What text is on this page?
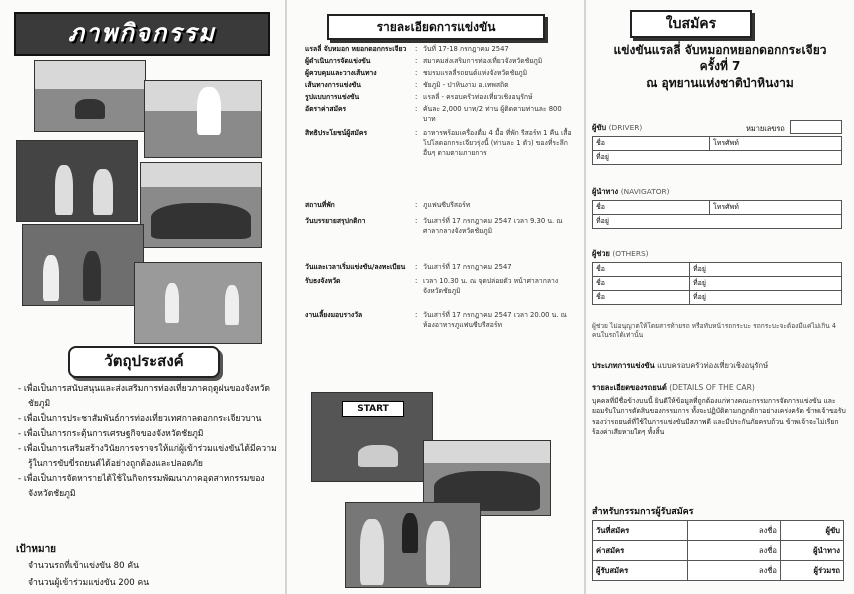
ภาพกิจกรรม
วัตถุประสงค์
- เพื่อเป็นการสนับสนุนและส่งเสริมการท่องเที่ยวภาคฤดูฝนของจังหวัดชัยภูมิ
- เพื่อเป็นการประชาสัมพันธ์การท่องเที่ยวเทศกาลดอกกระเจียวบาน
- เพื่อเป็นการกระตุ้นการเศรษฐกิจของจังหวัดชัยภูมิ
- เพื่อเป็นการเสริมสร้างวินัยการจราจรให้แก่ผู้เข้าร่วมแข่งขันได้มีความรู้ในการขับขี่รถยนต์ได้อย่างถูกต้องและปลอดภัย
- เพื่อเป็นการจัดหารายได้ใช้ในกิจกรรมพัฒนาภาคอุตสาหกรรมของจังหวัดชัยภูมิ
เป้าหมาย
จำนวนรถที่เข้าแข่งขัน 80 คัน
จำนวนผู้เข้าร่วมแข่งขัน 200 คน
รายละเอียดการแข่งขัน
แรลลี่ จับหมอก หยอกดอกกระเจียว	: วันที่ 17-18 กรกฎาคม 2547
ผู้ดำเนินการจัดแข่งขัน	: สมาคมส่งเสริมการท่องเที่ยวจังหวัดชัยภูมิ
ผู้ควบคุมและวางเส้นทาง	: ชมรมแรลลี่รถยนต์แห่งจังหวัดชัยภูมิ
เส้นทางการแข่งขัน	: ชัยภูมิ - ป่าหินงาม อ.เทพสถิต
รูปแบบการแข่งขัน	: แรลลี่ - ครอบครัวท่องเที่ยวเชิงอนุรักษ์
อัตราค่าสมัคร	: คันละ 2,000 บาท/2 ท่าน ผู้ติดตามท่านละ 800 บาท
สิทธิประโยชน์ผู้สมัคร	: อาหารพร้อมเครื่องดื่ม 4 มื้อ ที่พัก รีสอร์ท 1 คืน เสื้อโปโลดอกกระเจียวรุ่งนี้ (ท่านละ 1 ตัว) ของที่ระลึกอื่นๆ ตามตามภายการ
สถานที่พัก	: ภูแฟนซีบรีสอร์ท
วันบรรยายสรุปกติกา	: วันเสาร์ที่ 17 กรกฎาคม 2547 เวลา 9.30 น. ณ ศาลากลางจังหวัดชัยภูมิ
วันและเวลาเริ่มแข่งขัน/ลงทะเบียน	: วันเสาร์ที่ 17 กรกฎาคม 2547
รับธงจังหวัด	: เวลา 10.30 น. ณ จุดปล่อยตัว หน้าศาลากลางจังหวัดชัยภูมิ
งานเลี้ยงมอบรางวัล	: วันเสาร์ที่ 17 กรกฎาคม 2547 เวลา 20.00 น. ณ ห้องอาหารภูแฟนซีบรีสอร์ท
START
ใบสมัคร
แข่งขันแรลลี่ จับหมอกหยอกดอกกระเจียว
ครั้งที่ 7
ณ อุทยานแห่งชาติป่าหินงาม
ผู้ขับ (DRIVER)	หมายเลขรถ
ชื่อ	โทรศัพท์
ที่อยู่
ผู้นำทาง (NAVIGATOR)
ชื่อ	โทรศัพท์
ที่อยู่
ผู้ช่วย (OTHERS)
ชื่อ	ที่อยู่
ชื่อ	ที่อยู่
ชื่อ	ที่อยู่
ผู้ช่วย ไม่อนุญาตให้โดยสารท้ายรถ หรือทับหน้ารถกระบะ รถกระบะจะต้องมีแค่ไม่เกิน 4 คนในรถได้เท่านั้น
ประเภทการแข่งขัน แบบครอบครัวท่องเที่ยวเชิงอนุรักษ์
รายละเอียดของรถยนต์ (DETAILS OF THE CAR)
บุคคลที่มีชื่อข้างบนนี้ ยินดีให้ข้อมูลที่ถูกต้องแก่ทางคณะกรรมการจัดการแข่งขัน และยอมรับในการตัดสินของกรรมการ ทั้งจะปฏิบัติตามกฎกติกาอย่างเคร่งครัด ข้าพเจ้าขอรับรองว่ารถยนต์ที่ใช้ในการแข่งขันมีสภาพดี และมีประกันภัยครบถ้วน ข้าพเจ้าจะไม่เรียกร้องค่าเสียหายใดๆ ทั้งสิ้น
สำหรับกรรมการผู้รับสมัคร
วันที่สมัคร	ลงชื่อ	ผู้ขับ
ค่าสมัคร	ลงชื่อ	ผู้นำทาง
ผู้รับสมัคร	ลงชื่อ	ผู้ร่วมรถ
